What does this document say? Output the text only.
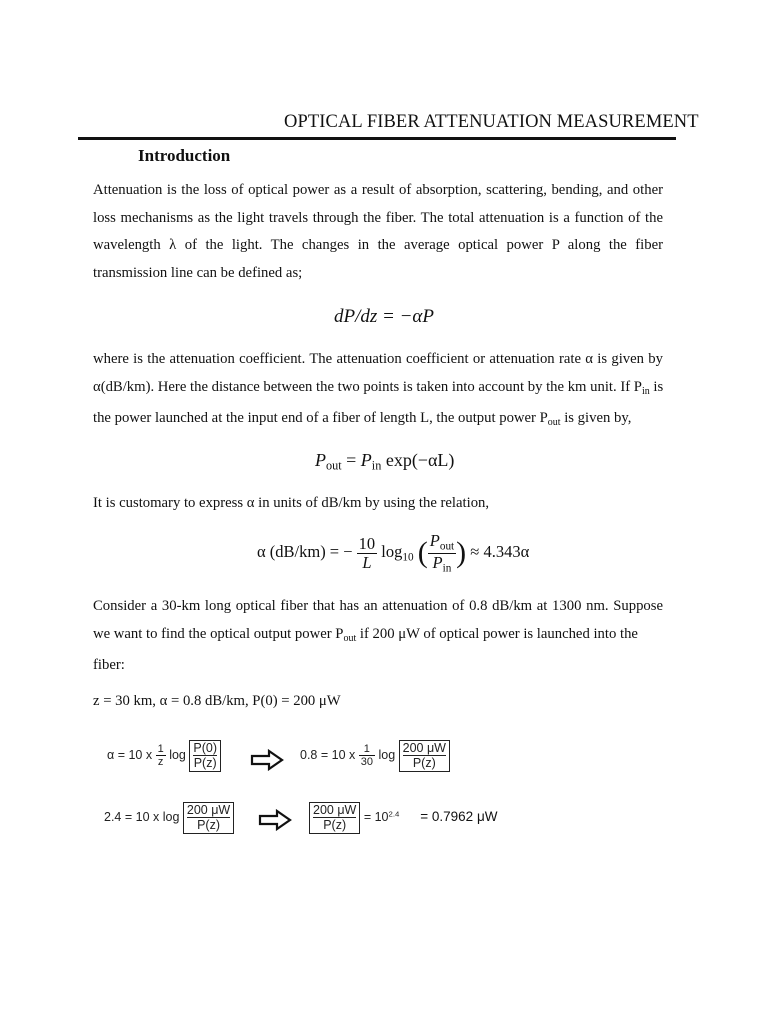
OPTICAL FIBER ATTENUATION MEASUREMENT
Introduction
Attenuation is the loss of optical power as a result of absorption, scattering, bending, and other
loss mechanisms as the light travels through the fiber. The total attenuation is a function of the
wavelength λ of the light. The changes in the average optical power P along the fiber
transmission line can be defined as;
dP/dz = −αP
where is the attenuation coefficient. The attenuation coefficient or attenuation rate α is given by
α(dB/km). Here the distance between the two points is taken into account by the km unit. If $P_{in}$ is
the power launched at the input end of a fiber of length L, the output power $P_{out}$ is given by,
$P_{out} = P_{in}$ exp(−αL)
It is customary to express α in units of dB/km by using the relation,
α (dB/km) = − $\frac{10}{L} \log_{10}$ ( $\frac{P_{out}}{P_{in}}$ ) ≈ 4.343α
Consider a 30-km long optical fiber that has an attenuation of 0.8 dB/km at 1300 nm. Suppose
we want to find the optical output power $P_{out}$ if 200 μW of optical power is launched into the
fiber:
z = 30 km, α = 0.8 dB/km, P(0) = 200 μW
α = 10 x $\frac{1}{z}$ $\log \frac{P(0)}{P(z)}$	0.8 = 10 x $\frac{1}{30}$ $\log \frac{200 \mu W}{P(z)}$
2.4 = 10 x $\log \frac{200 \mu W}{P(z)}$	$\frac{200 \mu W}{P(z)} = 10^{2.4} = 0.7962$ μW
